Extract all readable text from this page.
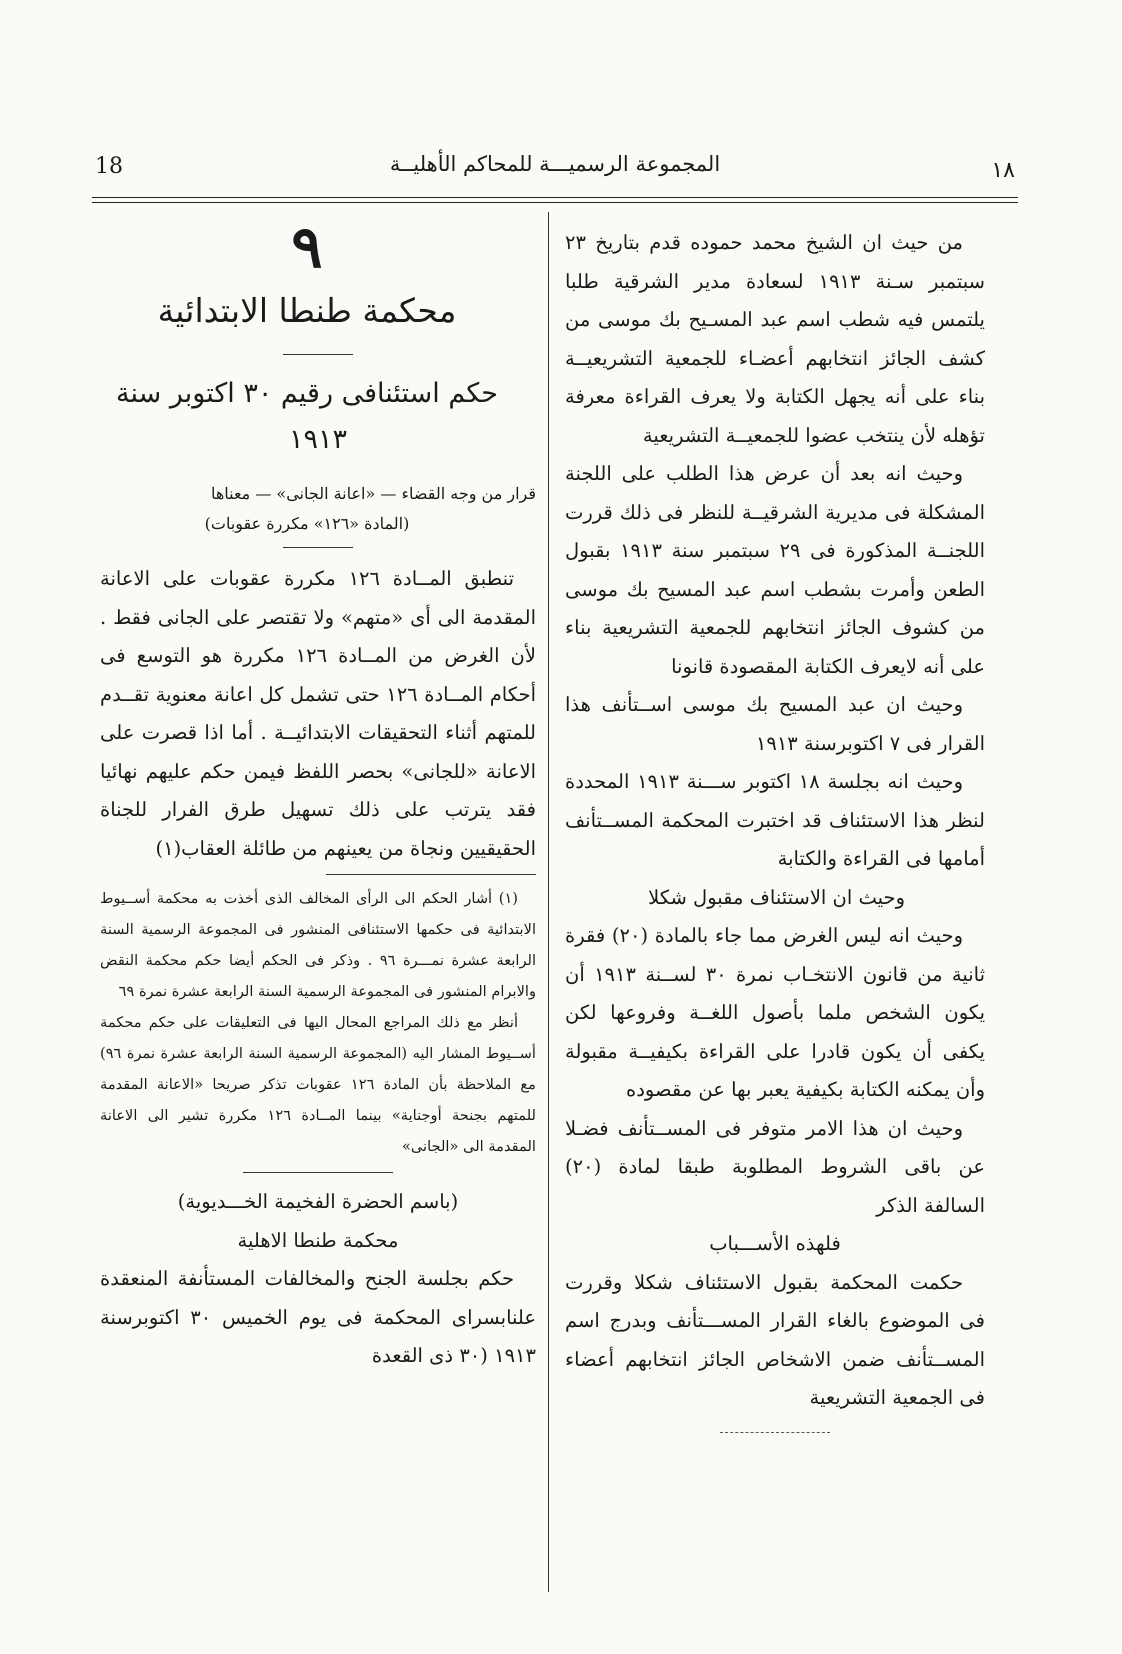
18	المجموعة الرسميـــة للمحاكم الأهليــة	١٨

من حيث ان الشيخ محمد حموده قدم بتاريخ ٢٣ سبتمبر سـنة ١٩١٣ لسعادة مدير الشرقية طلبا يلتمس فيه شطب اسم عبد المسـيح بك موسى من كشف الجائز انتخابهم أعضـاء للجمعية التشريعيــة بناء على أنه يجهل الكتابة ولا يعرف القراءة معرفة تؤهله لأن ينتخب عضوا للجمعيــة التشريعية

وحيث انه بعد أن عرض هذا الطلب على اللجنة المشكلة فى مديرية الشرقيــة للنظر فى ذلك قررت اللجنــة المذكورة فى ٢٩ سبتمبر سنة ١٩١٣ بقبول الطعن وأمرت بشطب اسم عبد المسيح بك موسى من كشوف الجائز انتخابهم للجمعية التشريعية بناء على أنه لايعرف الكتابة المقصودة قانونا

وحيث ان عبد المسيح بك موسى اســتأنف هذا القرار فى ٧ اكتوبرسنة ١٩١٣

وحيث انه بجلسة ١٨ اكتوبر ســـنة ١٩١٣ المحددة لنظر هذا الاستئناف قد اختبرت المحكمة المســتأنف أمامها فى القراءة والكتابة

وحيث ان الاستئناف مقبول شكلا

وحيث انه ليس الغرض مما جاء بالمادة (٢٠) فقرة ثانية من قانون الانتخـاب نمرة ٣٠ لســنة ١٩١٣ أن يكون الشخص ملما بأصول اللغــة وفروعها لكن يكفى أن يكون قادرا على القراءة بكيفيــة مقبولة وأن يمكنه الكتابة بكيفية يعبر بها عن مقصوده

وحيث ان هذا الامر متوفر فى المســتأنف فضـلا عن باقى الشروط المطلوبة طبقا لمادة (٢٠) السالفة الذكر

فلهذه الأســـباب

حكمت المحكمة بقبول الاستئناف شكلا وقررت فى الموضوع بالغاء القرار المســـتأنف وبدرج اسم المســتأنف ضمن الاشخاص الجائز انتخابهم أعضاء فى الجمعية التشريعية

٩

محكمة طنطا الابتدائية

حكم استئنافى رقيم ٣٠ اكتوبر سنة ١٩١٣

قرار من وجه القضاء — «اعانة الجانى» — معناها

(المادة «١٢٦» مكررة عقوبات)

تنطبق المــادة ١٢٦ مكررة عقوبات على الاعانة المقدمة الى أى «متهم» ولا تقتصر على الجانى فقط . لأن الغرض من المــادة ١٢٦ مكررة هو التوسع فى أحكام المــادة ١٢٦ حتى تشمل كل اعانة معنوية تقــدم للمتهم أثناء التحقيقات الابتدائيــة . أما اذا قصرت على الاعانة «للجانى» بحصر اللفظ فيمن حكم عليهم نهائيا فقد يترتب على ذلك تسهيل طرق الفرار للجناة الحقيقيين ونجاة من يعينهم من طائلة العقاب(١)

(١) أشار الحكم الى الرأى المخالف الذى أخذت به محكمة أســيوط الابتدائية فى حكمها الاستئنافى المنشور فى المجموعة الرسمية السنة الرابعة عشرة نمـــرة ٩٦ . وذكر فى الحكم أيضا حكم محكمة النقض والابرام المنشور فى المجموعة الرسمية السنة الرابعة عشرة نمرة ٦٩

أنظر مع ذلك المراجع المحال اليها فى التعليقات على حكم محكمة أســيوط المشار اليه (المجموعة الرسمية السنة الرابعة عشرة نمرة ٩٦) مع الملاحظة بأن المادة ١٢٦ عقوبات تذكر صريحا «الاعانة المقدمة للمتهم بجنحة أوجناية» بينما المــادة ١٢٦ مكررة تشير الى الاعانة المقدمة الى «الجانى»

(باسم الحضرة الفخيمة الخـــديوية)

محكمة طنطا الاهلية

حكم بجلسة الجنح والمخالفات المستأنفة المنعقدة علنابسراى المحكمة فى يوم الخميس ٣٠ اكتوبرسنة ١٩١٣ (٣٠ ذى القعدة
